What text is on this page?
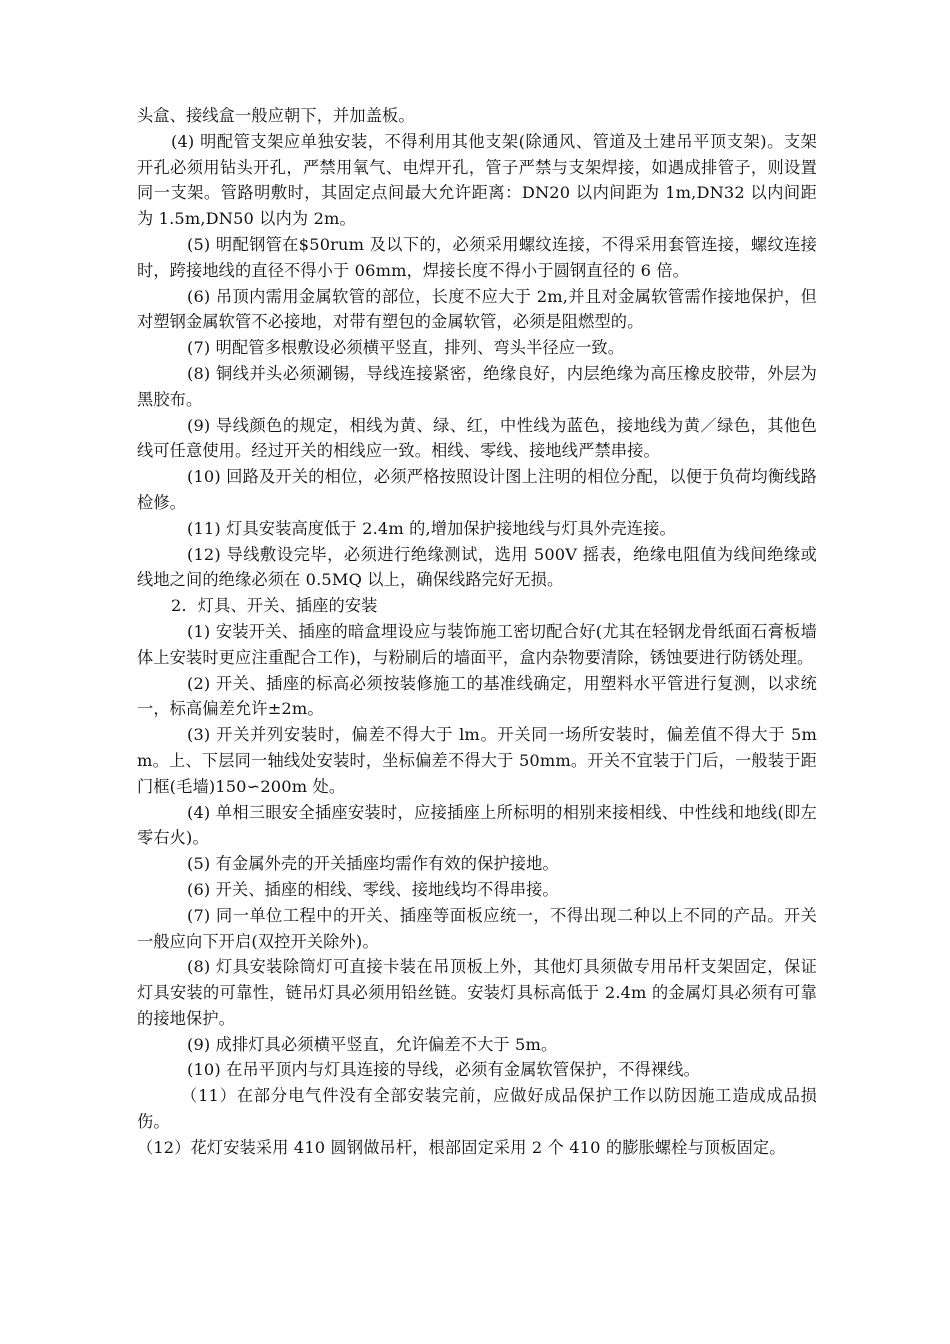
头盒、接线盒一般应朝下，并加盖板。

(4) 明配管支架应单独安装，不得利用其他支架(除通风、管道及土建吊平顶支架)。支架开孔必须用钻头开孔，严禁用氧气、电焊开孔，管子严禁与支架焊接，如遇成排管子，则设置同一支架。管路明敷时，其固定点间最大允许距离：DN20 以内间距为 1m,DN32 以内间距为 1.5m,DN50 以内为 2m。

(5) 明配钢管在$50rum 及以下的，必须采用螺纹连接，不得采用套管连接，螺纹连接时，跨接地线的直径不得小于 06mm，焊接长度不得小于圆钢直径的 6 倍。

(6) 吊顶内需用金属软管的部位，长度不应大于 2m,并且对金属软管需作接地保护，但对塑钢金属软管不必接地，对带有塑包的金属软管，必须是阻燃型的。

(7) 明配管多根敷设必须横平竖直，排列、弯头半径应一致。

(8) 铜线并头必须涮锡，导线连接紧密，绝缘良好，内层绝缘为高压橡皮胶带，外层为黑胶布。

(9) 导线颜色的规定，相线为黄、绿、红，中性线为蓝色，接地线为黄／绿色，其他色线可任意使用。经过开关的相线应一致。相线、零线、接地线严禁串接。

(10) 回路及开关的相位，必须严格按照设计图上注明的相位分配，以便于负荷均衡线路检修。

(11) 灯具安装高度低于 2.4m 的,增加保护接地线与灯具外壳连接。

(12) 导线敷设完毕，必须进行绝缘测试，选用 500V 摇表，绝缘电阻值为线间绝缘或线地之间的绝缘必须在 0.5MQ 以上，确保线路完好无损。

2．灯具、开关、插座的安装

(1) 安装开关、插座的暗盒埋设应与装饰施工密切配合好(尤其在轻钢龙骨纸面石膏板墙体上安装时更应注重配合工作)，与粉刷后的墙面平，盒内杂物要清除，锈蚀要进行防锈处理。

(2) 开关、插座的标高必须按装修施工的基准线确定，用塑料水平管进行复测，以求统一，标高偏差允许±2m。

(3) 开关并列安装时，偏差不得大于 lm。开关同一场所安装时，偏差值不得大于 5mm。上、下层同一轴线处安装时，坐标偏差不得大于 50mm。开关不宜装于门后，一般装于距门框(毛墙)150∽200m 处。

(4) 单相三眼安全插座安装时，应接插座上所标明的相别来接相线、中性线和地线(即左零右火)。

(5) 有金属外壳的开关插座均需作有效的保护接地。

(6) 开关、插座的相线、零线、接地线均不得串接。

(7) 同一单位工程中的开关、插座等面板应统一，不得出现二种以上不同的产品。开关一般应向下开启(双控开关除外)。

(8) 灯具安装除筒灯可直接卡装在吊顶板上外，其他灯具须做专用吊杆支架固定，保证灯具安装的可靠性，链吊灯具必须用铅丝链。安装灯具标高低于 2.4m 的金属灯具必须有可靠的接地保护。

(9) 成排灯具必须横平竖直，允许偏差不大于 5m。

(10) 在吊平顶内与灯具连接的导线，必须有金属软管保护，不得裸线。

（11）在部分电气件没有全部安装完前，应做好成品保护工作以防因施工造成成品损伤。

（12）花灯安装采用 410 圆钢做吊杆，根部固定采用 2 个 410 的膨胀螺栓与顶板固定。
